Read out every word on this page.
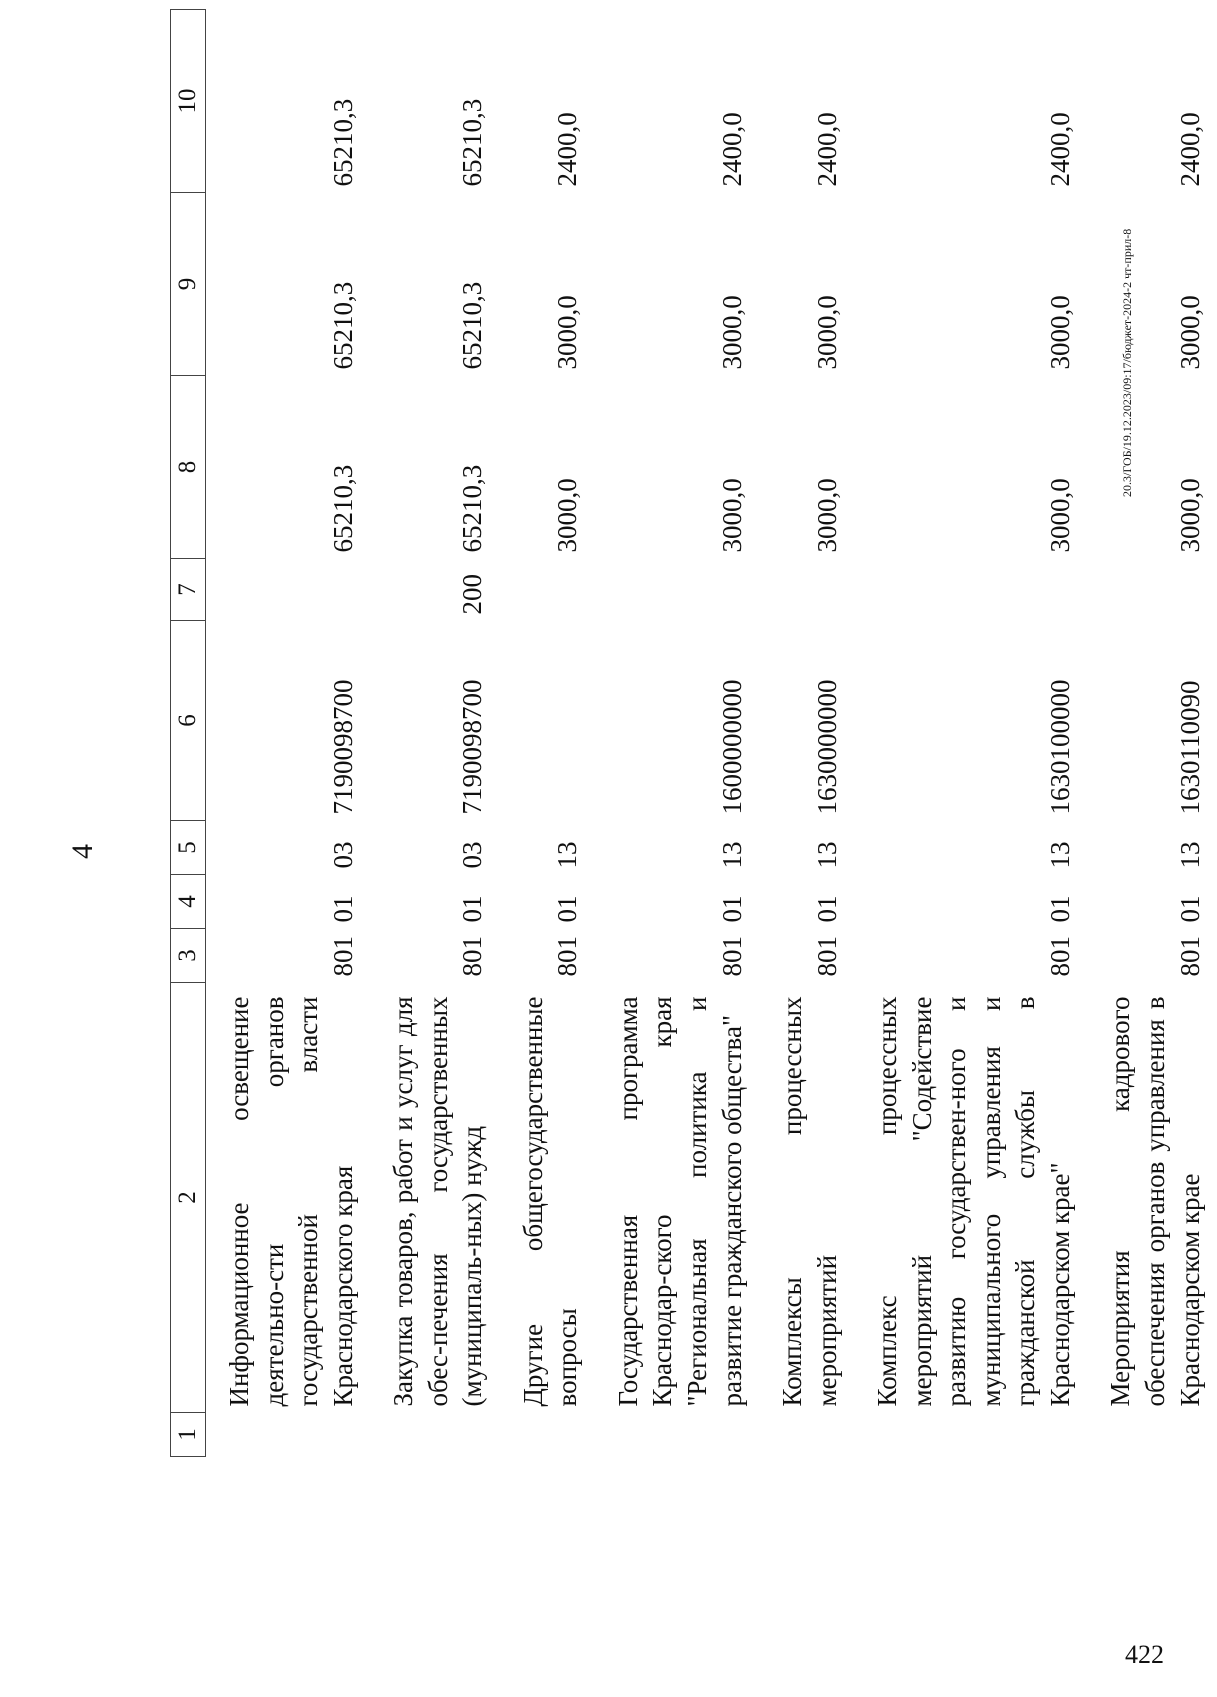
4
1	2	3	4	5	6	7	8	9	10
	Информационное освещение деятельно-сти органов государственной власти Краснодарского края	801	01	03	7190098700		65210,3	65210,3	65210,3
	Закупка товаров, работ и услуг для обес-печения государственных (муниципаль-ных) нужд	801	01	03	7190098700	200	65210,3	65210,3	65210,3
	Другие общегосударственные вопросы	801	01	13			3000,0	3000,0	2400,0
	Государственная программа Краснодар-ского края "Региональная политика и развитие гражданского общества"	801	01	13	1600000000		3000,0	3000,0	2400,0
	Комплексы процессных мероприятий	801	01	13	1630000000		3000,0	3000,0	2400,0
	Комплекс процессных мероприятий "Содействие развитию государствен-ного и муниципального управления и гражданской службы в Краснодарском крае"	801	01	13	1630100000		3000,0	3000,0	2400,0
	Мероприятия кадрового обеспечения органов управления в Краснодарском крае	801	01	13	1630110090		3000,0	3000,0	2400,0
20.3/ГОБ/19.12.2023/09:17/бюджет-2024-2 чт-прил-8
422
